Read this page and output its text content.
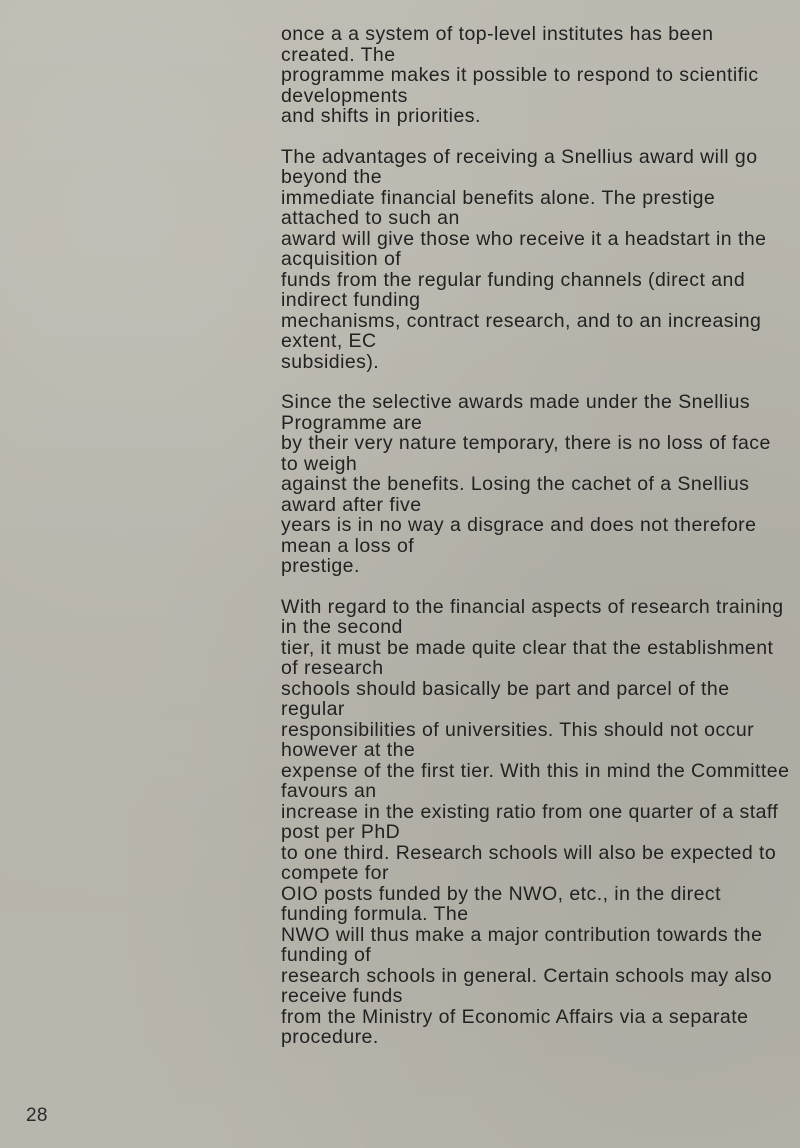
once a a system of top-level institutes has been created. The
programme makes it possible to respond to scientific developments
and shifts in priorities.

The advantages of receiving a Snellius award will go beyond the
immediate financial benefits alone. The prestige attached to such an
award will give those who receive it a headstart in the acquisition of
funds from the regular funding channels (direct and indirect funding
mechanisms, contract research, and to an increasing extent, EC
subsidies).

Since the selective awards made under the Snellius Programme are
by their very nature temporary, there is no loss of face to weigh
against the benefits. Losing the cachet of a Snellius award after five
years is in no way a disgrace and does not therefore mean a loss of
prestige.

With regard to the financial aspects of research training in the second
tier, it must be made quite clear that the establishment of research
schools should basically be part and parcel of the regular
responsibilities of universities. This should not occur however at the
expense of the first tier. With this in mind the Committee favours an
increase in the existing ratio from one quarter of a staff post per PhD
to one third. Research schools will also be expected to compete for
OIO posts funded by the NWO, etc., in the direct funding formula. The
NWO will thus make a major contribution towards the funding of
research schools in general. Certain schools may also receive funds
from the Ministry of Economic Affairs via a separate procedure.

28
